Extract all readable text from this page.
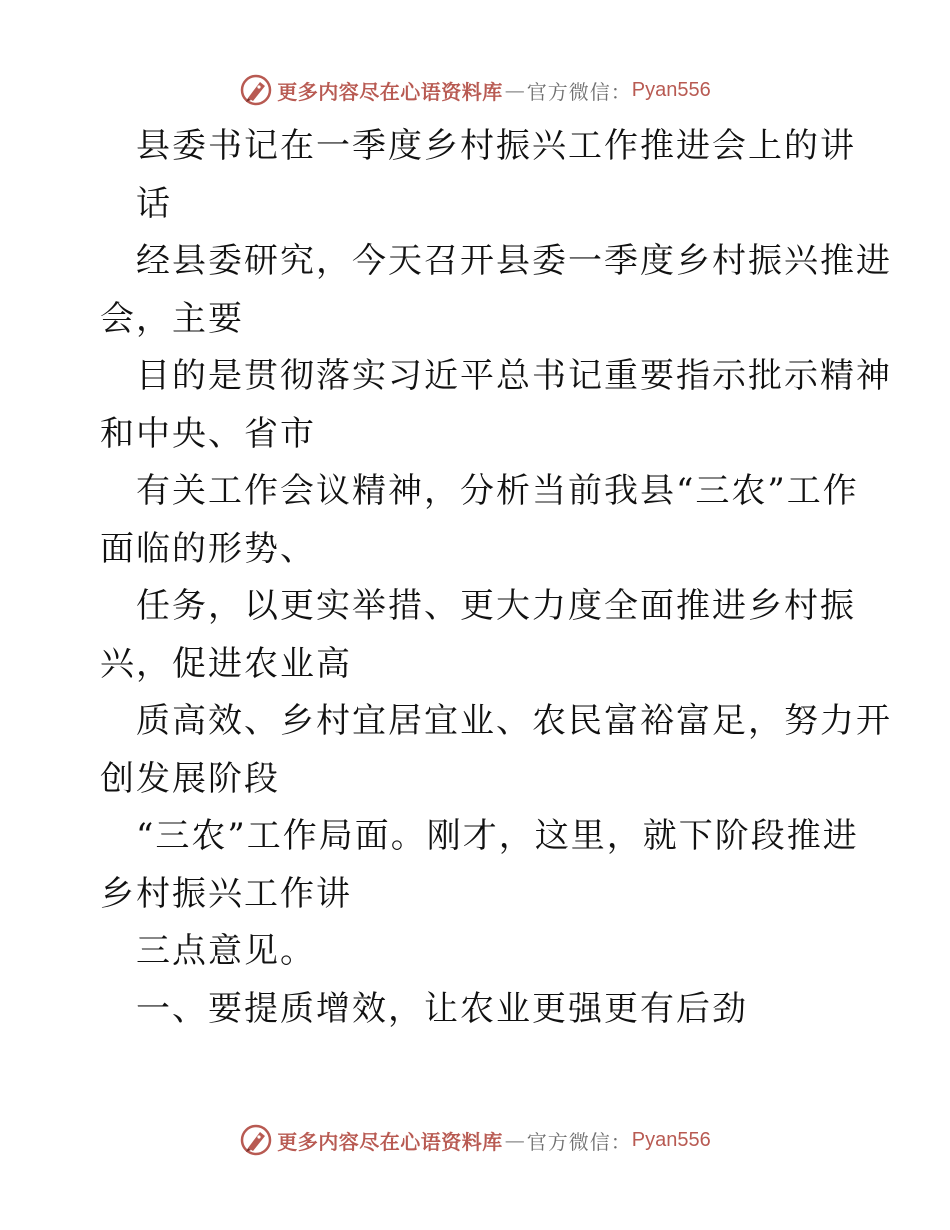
更多内容尽在心语资料库 — 官方微信： Pyan556
县委书记在一季度乡村振兴工作推进会上的讲
话
经县委研究，今天召开县委一季度乡村振兴推进
会，主要
目的是贯彻落实习近平总书记重要指示批示精神
和中央、省市
有关工作会议精神，分析当前我县“三农”工作
面临的形势、
任务，以更实举措、更大力度全面推进乡村振
兴，促进农业高
质高效、乡村宜居宜业、农民富裕富足，努力开
创发展阶段
“三农”工作局面。刚才，这里，就下阶段推进
乡村振兴工作讲
三点意见。
一、要提质增效，让农业更强更有后劲
更多内容尽在心语资料库 — 官方微信： Pyan556
